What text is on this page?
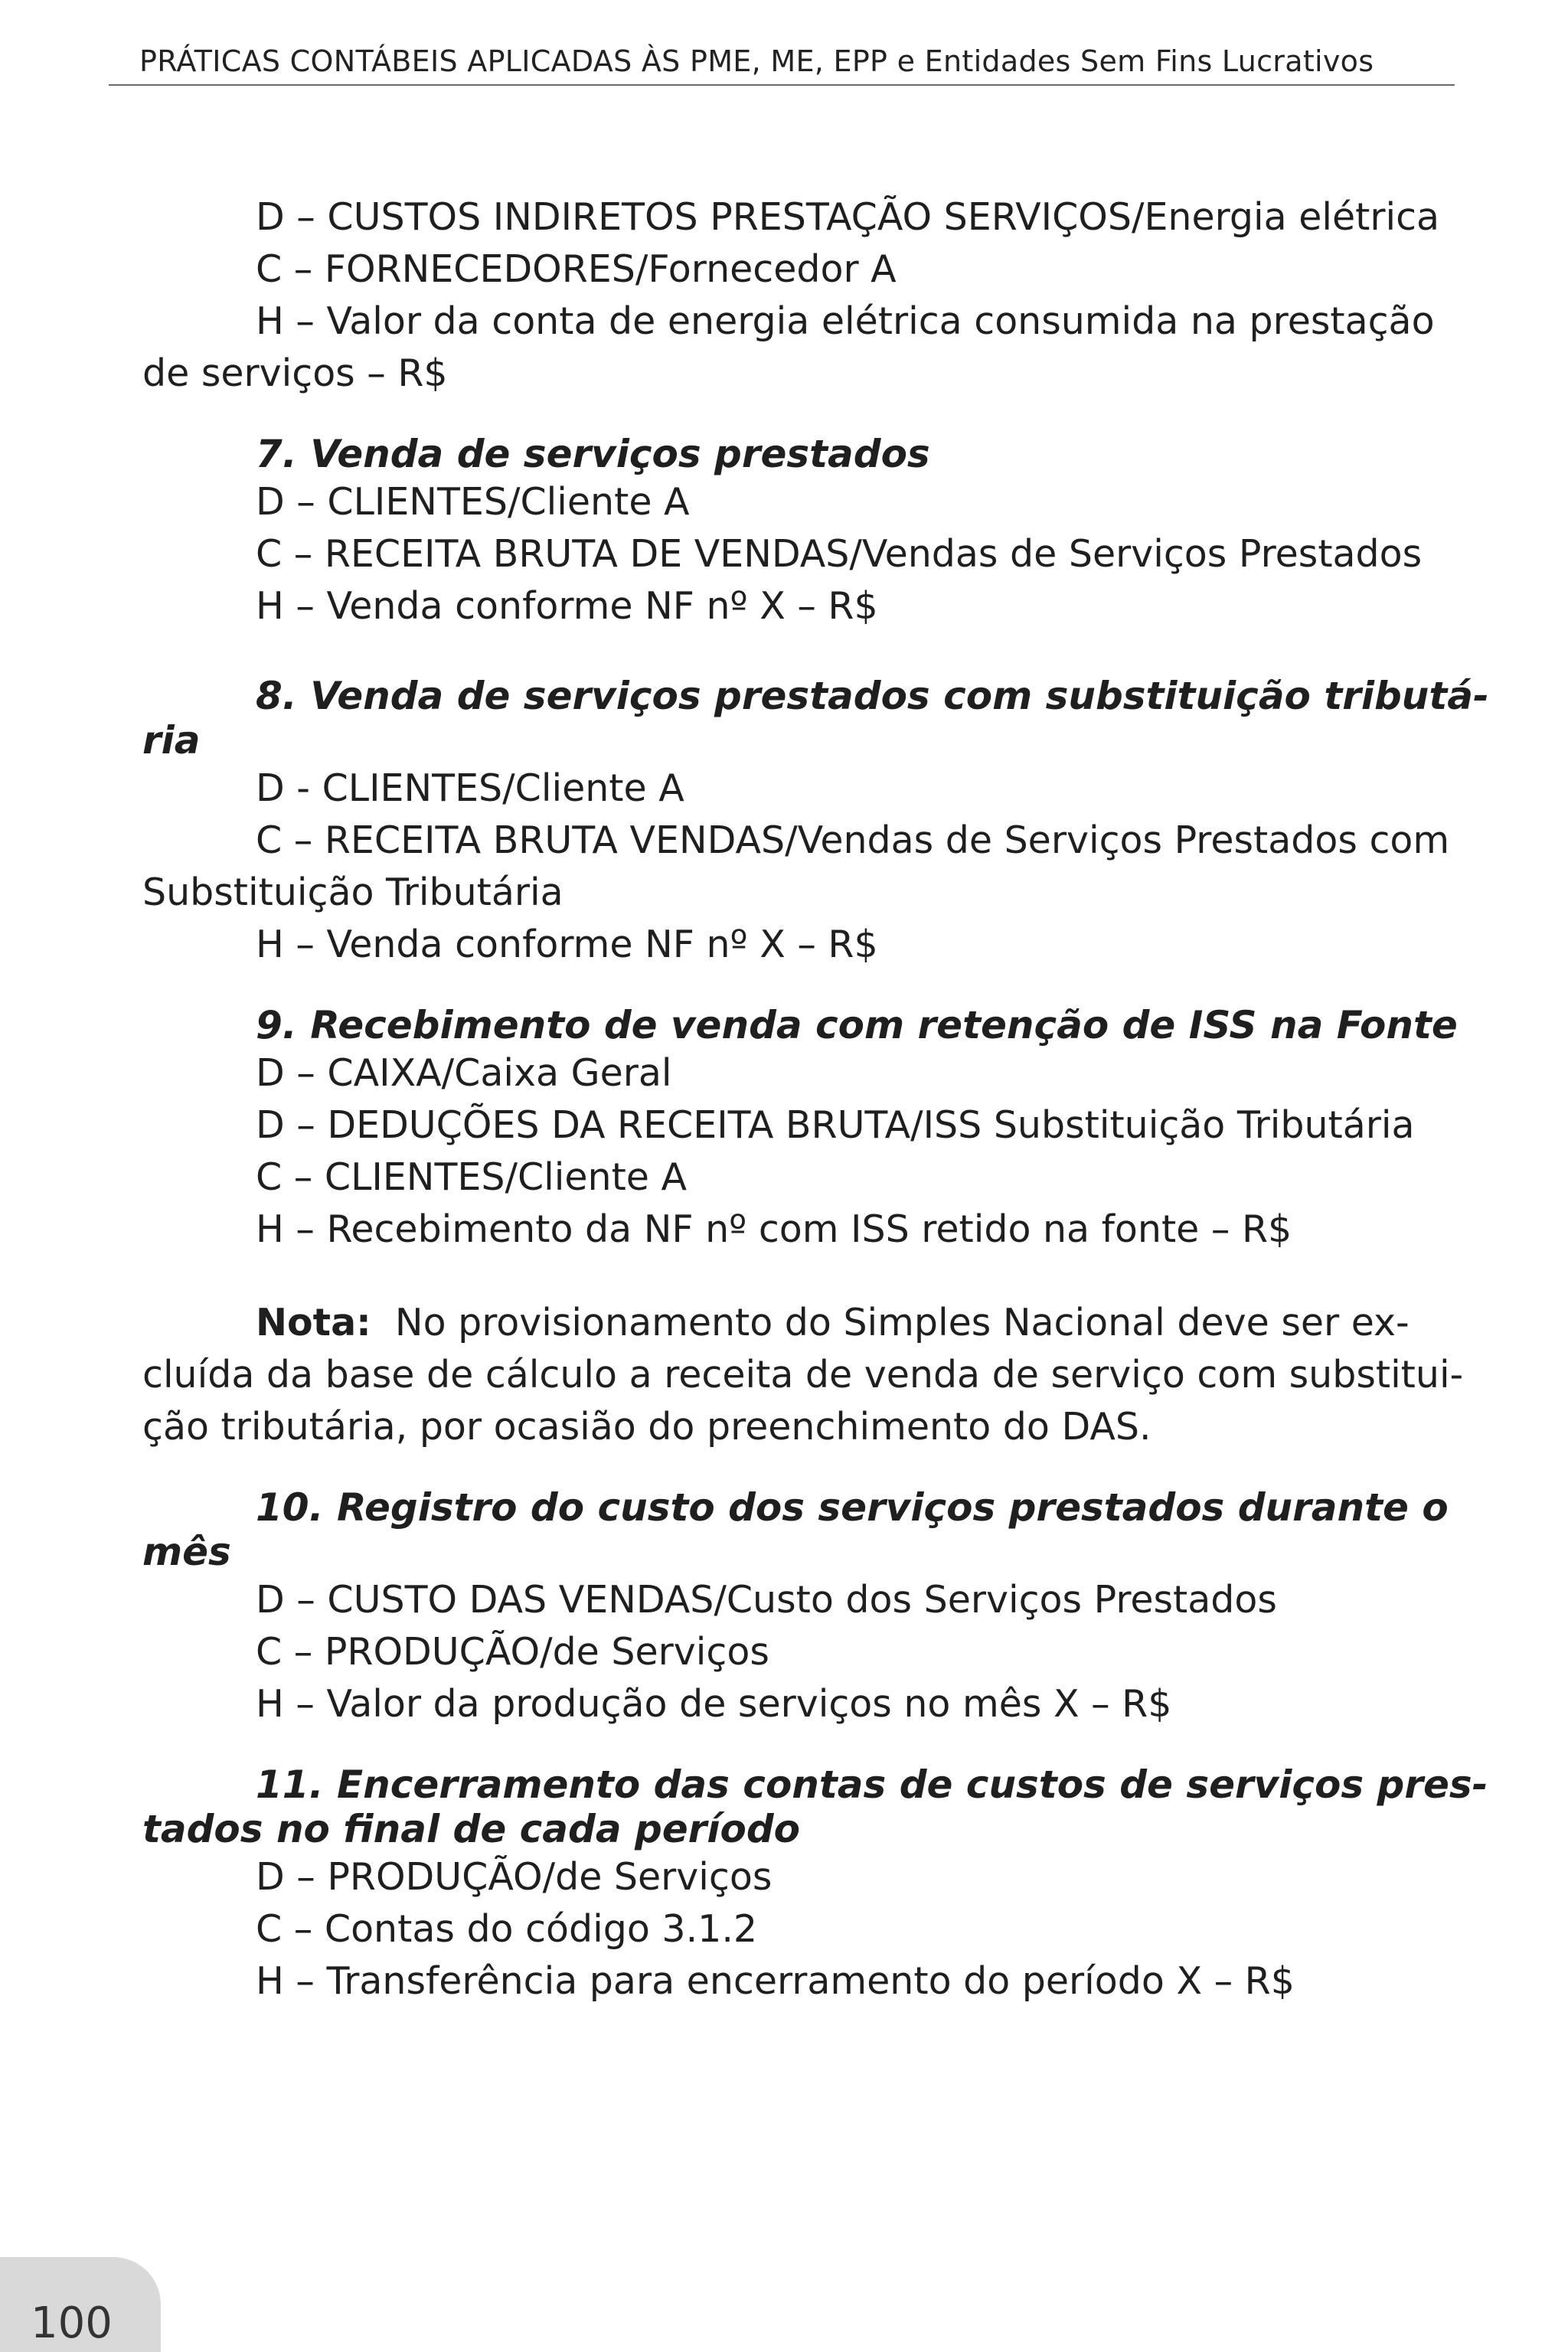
PRÁTICAS CONTÁBEIS APLICADAS ÀS PME, ME, EPP e Entidades Sem Fins Lucrativos
D – CUSTOS INDIRETOS PRESTAÇÃO SERVIÇOS/Energia elétrica
C – FORNECEDORES/Fornecedor A
H – Valor da conta de energia elétrica consumida na prestação
de serviços – R$
7. Venda de serviços prestados
D – CLIENTES/Cliente A
C – RECEITA BRUTA DE VENDAS/Vendas de Serviços Prestados
H – Venda conforme NF nº X – R$
8. Venda de serviços prestados com substituição tributá-
ria
D - CLIENTES/Cliente A
C – RECEITA BRUTA VENDAS/Vendas de Serviços Prestados com
Substituição Tributária
H – Venda conforme NF nº X – R$
9. Recebimento de venda com retenção de ISS na Fonte
D – CAIXA/Caixa Geral
D – DEDUÇÕES DA RECEITA BRUTA/ISS Substituição Tributária
C – CLIENTES/Cliente A
H – Recebimento da NF nº com ISS retido na fonte – R$
Nota: No provisionamento do Simples Nacional deve ser ex-
cluída da base de cálculo a receita de venda de serviço com substitui-
ção tributária, por ocasião do preenchimento do DAS.
10. Registro do custo dos serviços prestados durante o
mês
D – CUSTO DAS VENDAS/Custo dos Serviços Prestados
C – PRODUÇÃO/de Serviços
H – Valor da produção de serviços no mês X – R$
11. Encerramento das contas de custos de serviços pres-
tados no final de cada período
D – PRODUÇÃO/de Serviços
C – Contas do código 3.1.2
H – Transferência para encerramento do período X – R$
100
